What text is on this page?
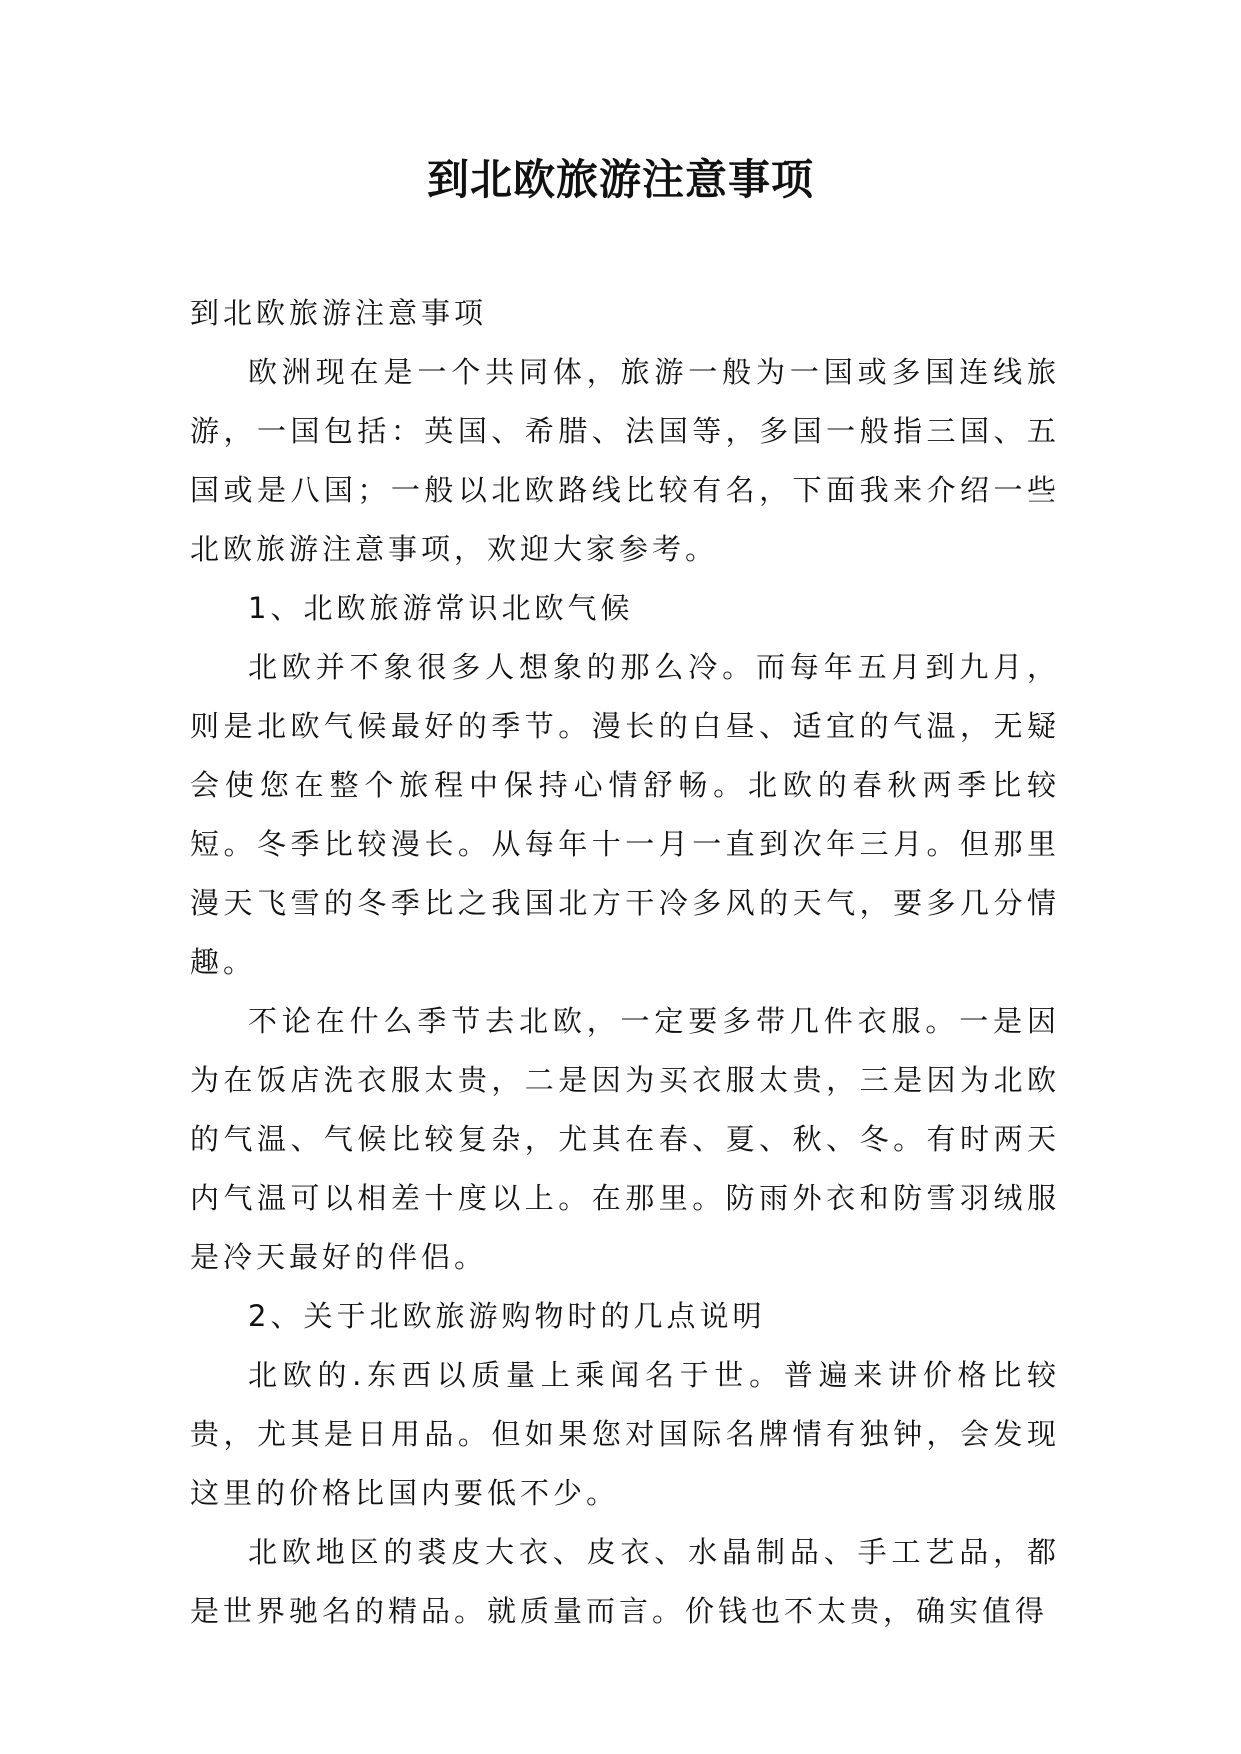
到北欧旅游注意事项

到北欧旅游注意事项

欧洲现在是一个共同体，旅游一般为一国或多国连线旅游，一国包括：英国、希腊、法国等，多国一般指三国、五国或是八国；一般以北欧路线比较有名，下面我来介绍一些北欧旅游注意事项，欢迎大家参考。

1、北欧旅游常识北欧气候

北欧并不象很多人想象的那么冷。而每年五月到九月，则是北欧气候最好的季节。漫长的白昼、适宜的气温，无疑会使您在整个旅程中保持心情舒畅。北欧的春秋两季比较短。冬季比较漫长。从每年十一月一直到次年三月。但那里漫天飞雪的冬季比之我国北方干冷多风的天气，要多几分情趣。

不论在什么季节去北欧，一定要多带几件衣服。一是因为在饭店洗衣服太贵，二是因为买衣服太贵，三是因为北欧的气温、气候比较复杂，尤其在春、夏、秋、冬。有时两天内气温可以相差十度以上。在那里。防雨外衣和防雪羽绒服是冷天最好的伴侣。

2、关于北欧旅游购物时的几点说明

北欧的.东西以质量上乘闻名于世。普遍来讲价格比较贵，尤其是日用品。但如果您对国际名牌情有独钟，会发现这里的价格比国内要低不少。

北欧地区的裘皮大衣、皮衣、水晶制品、手工艺品，都是世界驰名的精品。就质量而言。价钱也不太贵，确实值得
